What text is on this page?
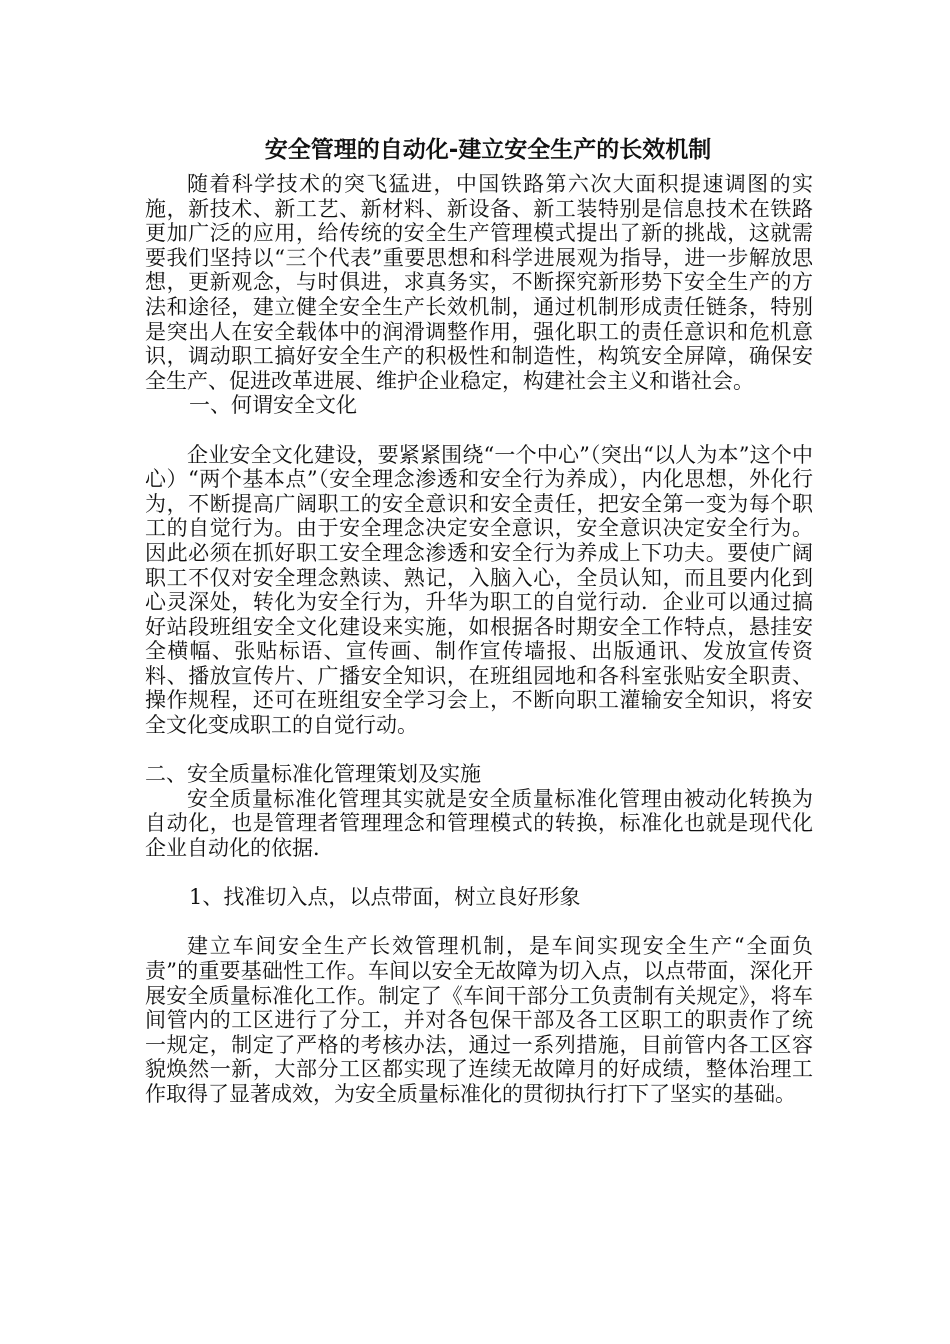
安全管理的自动化-建立安全生产的长效机制

随着科学技术的突飞猛进，中国铁路第六次大面积提速调图的实施，新技术、新工艺、新材料、新设备、新工装特别是信息技术在铁路更加广泛的应用，给传统的安全生产管理模式提出了新的挑战，这就需要我们坚持以“三个代表”重要思想和科学进展观为指导，进一步解放思想，更新观念，与时俱进，求真务实，不断探究新形势下安全生产的方法和途径，建立健全安全生产长效机制，通过机制形成责任链条，特别是突出人在安全载体中的润滑调整作用，强化职工的责任意识和危机意识，调动职工搞好安全生产的积极性和制造性，构筑安全屏障，确保安全生产、促进改革进展、维护企业稳定，构建社会主义和谐社会。

一、何谓安全文化

企业安全文化建设，要紧紧围绕“一个中心”（突出“以人为本”这个中心）“两个基本点”（安全理念渗透和安全行为养成），内化思想，外化行为，不断提高广阔职工的安全意识和安全责任，把安全第一变为每个职工的自觉行为。由于安全理念决定安全意识，安全意识决定安全行为。因此必须在抓好职工安全理念渗透和安全行为养成上下功夫。要使广阔职工不仅对安全理念熟读、熟记，入脑入心，全员认知，而且要内化到心灵深处，转化为安全行为，升华为职工的自觉行动．企业可以通过搞好站段班组安全文化建设来实施，如根据各时期安全工作特点，悬挂安全横幅、张贴标语、宣传画、制作宣传墙报、出版通讯、发放宣传资料、播放宣传片、广播安全知识，在班组园地和各科室张贴安全职责、操作规程，还可在班组安全学习会上，不断向职工灌输安全知识，将安全文化变成职工的自觉行动。

二、安全质量标准化管理策划及实施

安全质量标准化管理其实就是安全质量标准化管理由被动化转换为自动化，也是管理者管理理念和管理模式的转换，标准化也就是现代化企业自动化的依据．

1、找准切入点，以点带面，树立良好形象

建立车间安全生产长效管理机制，是车间实现安全生产“全面负责”的重要基础性工作。车间以安全无故障为切入点，以点带面，深化开展安全质量标准化工作。制定了《车间干部分工负责制有关规定》，将车间管内的工区进行了分工，并对各包保干部及各工区职工的职责作了统一规定，制定了严格的考核办法，通过一系列措施，目前管内各工区容貌焕然一新，大部分工区都实现了连续无故障月的好成绩，整体治理工作取得了显著成效，为安全质量标准化的贯彻执行打下了坚实的基础。
